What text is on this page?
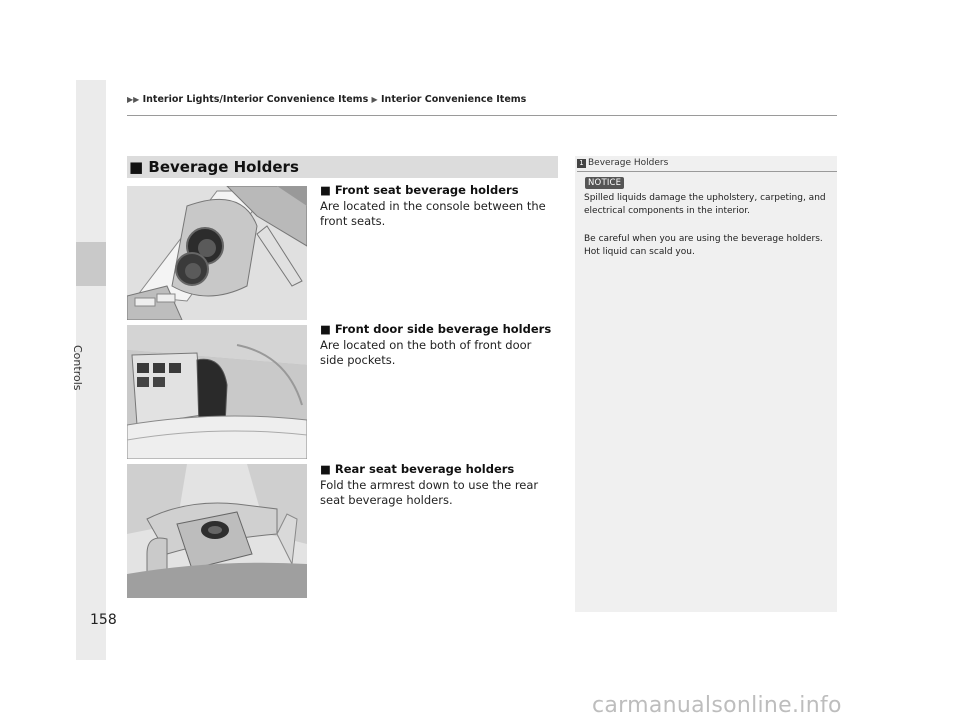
Controls
▶▶ Interior Lights/Interior Convenience Items ▶ Interior Convenience Items
■ Beverage Holders
■ Front seat beverage holders
Are located in the console between the front seats.
■ Front door side beverage holders
Are located on the both of front door side pockets.
■ Rear seat beverage holders
Fold the armrest down to use the rear seat beverage holders.
1 Beverage Holders
NOTICE
Spilled liquids damage the upholstery, carpeting, and electrical components in the interior.
Be careful when you are using the beverage holders. Hot liquid can scald you.
158
carmanualsonline.info
